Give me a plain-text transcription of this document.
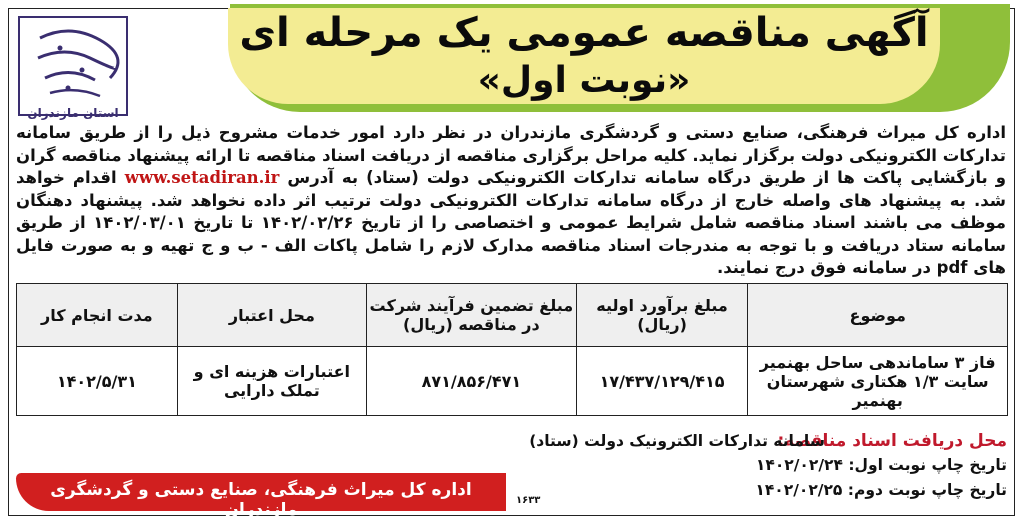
آگهی مناقصه عمومی یک مرحله ای
«نوبت اول»
استان مازندران
اداره کل میراث فرهنگی، صنایع دستی و گردشگری مازندران در نظر دارد امور خدمات مشروح ذیل را از طریق سامانه تدارکات الکترونیکی دولت برگزار نماید. کلیه مراحل برگزاری مناقصه از دریافت اسناد مناقصه تا ارائه پیشنهاد مناقصه گران و بازگشایی پاکت ها از طریق درگاه سامانه تدارکات الکترونیکی دولت (ستاد) به آدرس www.setadiran.ir اقدام خواهد شد. به پیشنهاد های واصله خارج از درگاه سامانه تدارکات الکترونیکی دولت ترتیب اثر داده نخواهد شد. پیشنهاد دهنگان موظف می باشند اسناد مناقصه شامل شرایط عمومی و اختصاصی را از تاریخ ۱۴۰۲/۰۲/۲۶ تا تاریخ ۱۴۰۲/۰۳/۰۱ از طریق سامانه ستاد دریافت و با توجه به مندرجات اسناد مناقصه مدارک لازم را شامل پاکات الف - ب و ج تهیه و به صورت فایل های pdf در سامانه فوق درج نمایند.
موضوع	مبلغ برآورد اولیه (ریال)	مبلغ تضمین فرآیند شرکت در مناقصه (ریال)	محل اعتبار	مدت انجام کار
فاز ۳ ساماندهی ساحل بهنمیر سایت ۱/۳ هکتاری شهرستان بهنمیر	۱۷/۴۳۷/۱۲۹/۴۱۵	۸۷۱/۸۵۶/۴۷۱	اعتبارات هزینه ای و تملک دارایی	۱۴۰۲/۵/۳۱
محل دریافت اسناد مناقصه:
سامانه تدارکات الکترونیک دولت (ستاد)
تاریخ چاپ نوبت اول: ۱۴۰۲/۰۲/۲۴
تاریخ چاپ نوبت دوم: ۱۴۰۲/۰۲/۲۵
اداره کل میراث فرهنگی، صنایع دستی و گردشگری مازندران	۱۶۳۳
